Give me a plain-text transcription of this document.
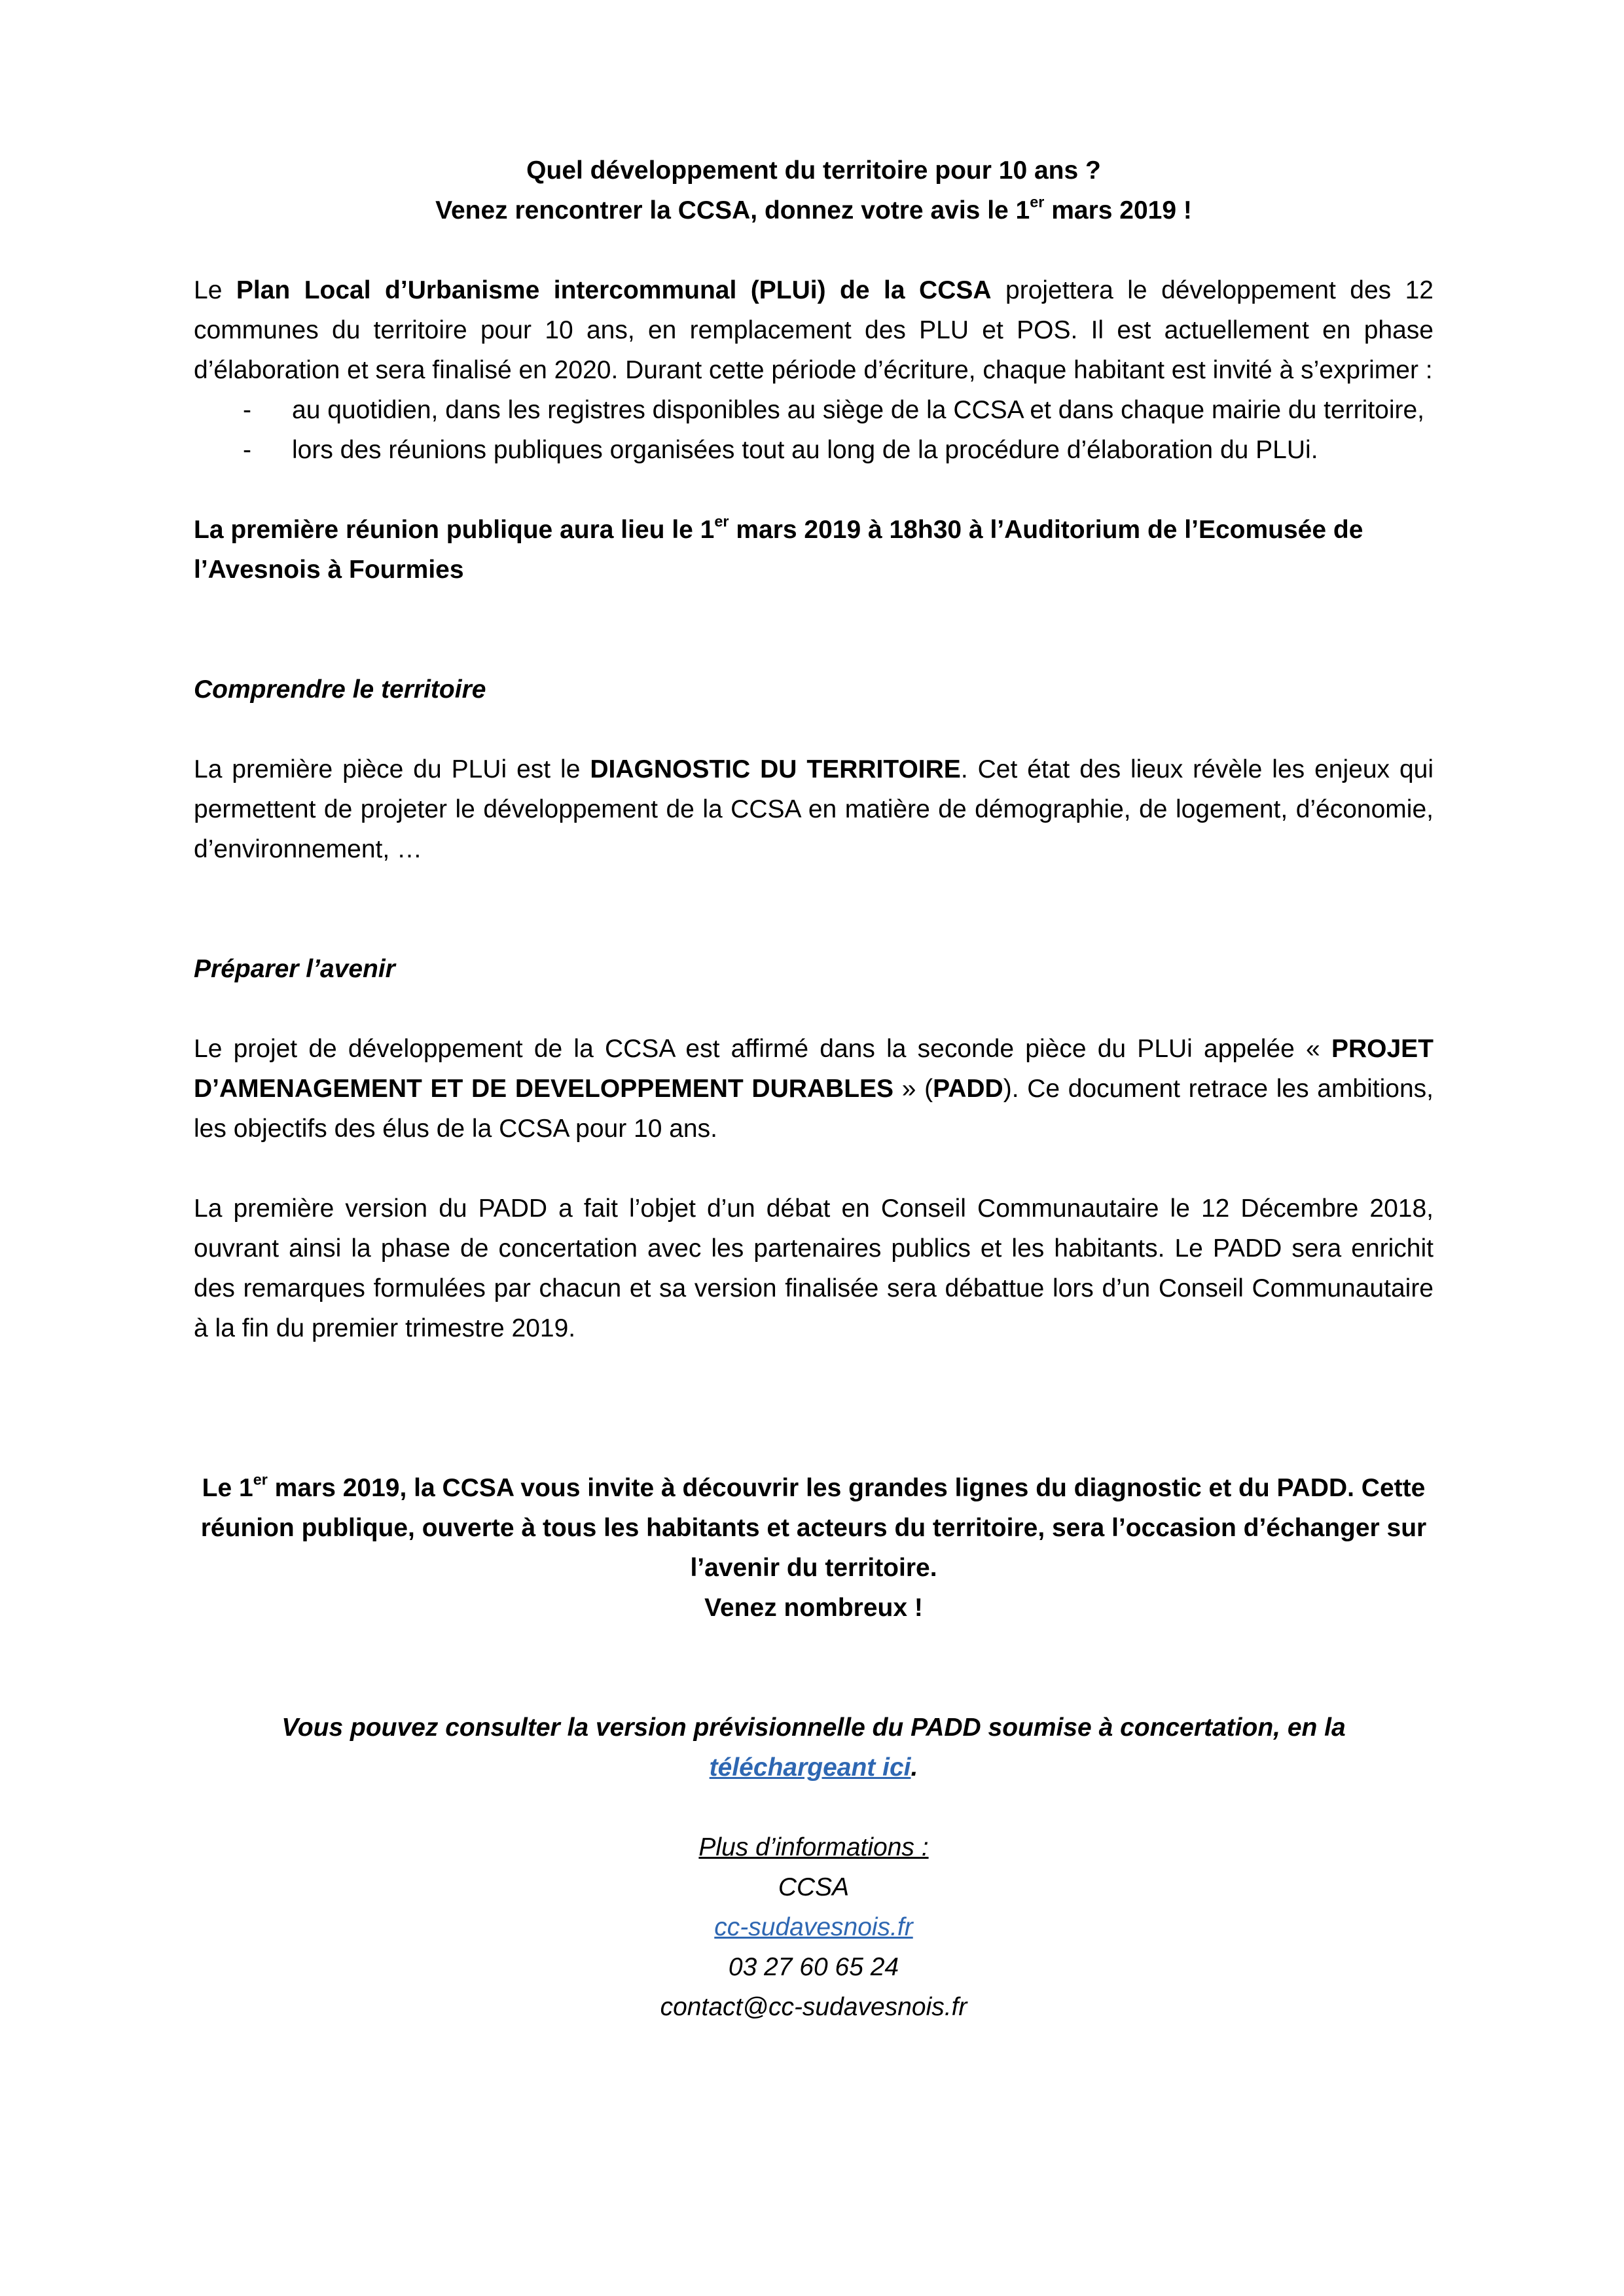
Quel développement du territoire pour 10 ans ?
Venez rencontrer la CCSA, donnez votre avis le 1er mars 2019 !

Le Plan Local d’Urbanisme intercommunal (PLUi) de la CCSA projettera le développement des 12 communes du territoire pour 10 ans, en remplacement des PLU et POS. Il est actuellement en phase d’élaboration et sera finalisé en 2020. Durant cette période d’écriture, chaque habitant est invité à s’exprimer :

- au quotidien, dans les registres disponibles au siège de la CCSA et dans chaque mairie du territoire,
- lors des réunions publiques organisées tout au long de la procédure d’élaboration du PLUi.

La première réunion publique aura lieu le 1er mars 2019 à 18h30 à l’Auditorium de l’Ecomusée de l’Avesnois à Fourmies

Comprendre le territoire

La première pièce du PLUi est le DIAGNOSTIC DU TERRITOIRE. Cet état des lieux révèle les enjeux qui permettent de projeter le développement de la CCSA en matière de démographie, de logement, d’économie, d’environnement, …

Préparer l’avenir

Le projet de développement de la CCSA est affirmé dans la seconde pièce du PLUi appelée « PROJET D’AMENAGEMENT ET DE DEVELOPPEMENT DURABLES » (PADD). Ce document retrace les ambitions, les objectifs des élus de la CCSA pour 10 ans.

La première version du PADD a fait l’objet d’un débat en Conseil Communautaire le 12 Décembre 2018, ouvrant ainsi la phase de concertation avec les partenaires publics et les habitants. Le PADD sera enrichit des remarques formulées par chacun et sa version finalisée sera débattue lors d’un Conseil Communautaire à la fin du premier trimestre 2019.

Le 1er mars 2019, la CCSA vous invite à découvrir les grandes lignes du diagnostic et du PADD. Cette réunion publique, ouverte à tous les habitants et acteurs du territoire, sera l’occasion d’échanger sur l’avenir du territoire.
Venez nombreux !

Vous pouvez consulter la version prévisionnelle du PADD soumise à concertation, en la
téléchargeant ici.

Plus d’informations :

CCSA

cc-sudavesnois.fr

03 27 60 65 24

contact@cc-sudavesnois.fr
